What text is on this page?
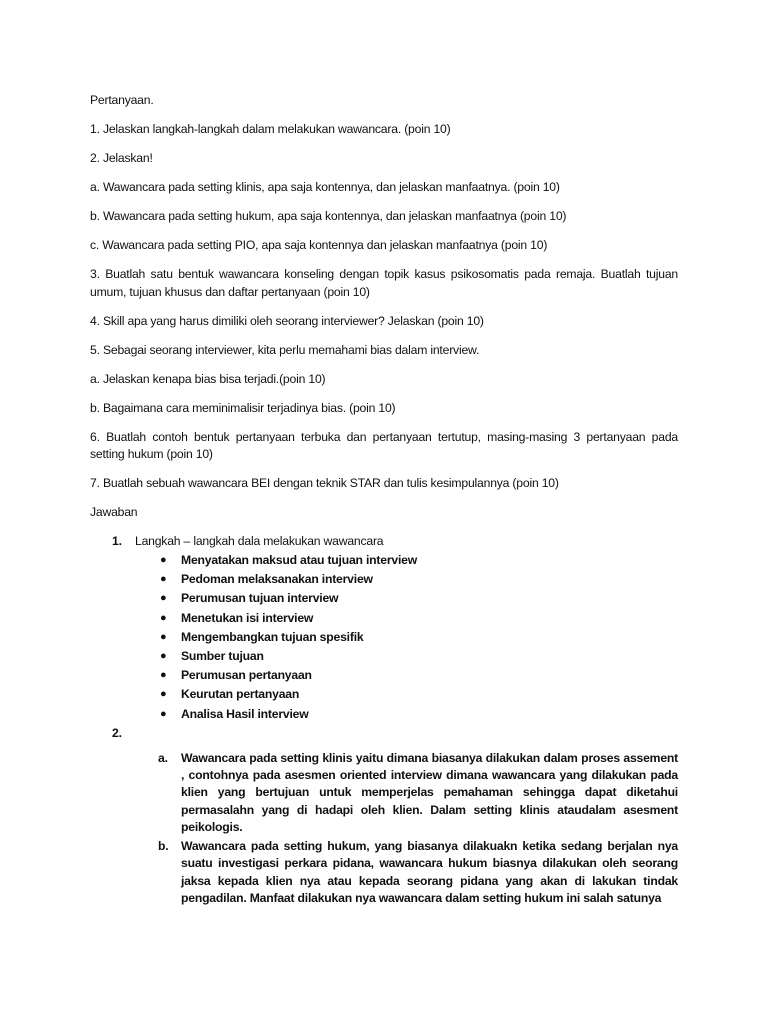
Pertanyaan.

1. Jelaskan langkah-langkah dalam melakukan wawancara. (poin 10)

2. Jelaskan!

a. Wawancara pada setting klinis, apa saja kontennya, dan jelaskan manfaatnya. (poin 10)

b. Wawancara pada setting hukum, apa saja kontennya, dan jelaskan manfaatnya (poin 10)

c. Wawancara pada setting PIO, apa saja kontennya dan jelaskan manfaatnya (poin 10)

3. Buatlah satu bentuk wawancara konseling dengan topik kasus psikosomatis pada remaja. Buatlah tujuan umum, tujuan khusus dan daftar pertanyaan (poin 10)

4. Skill apa yang harus dimiliki oleh seorang interviewer? Jelaskan (poin 10)

5. Sebagai seorang interviewer, kita perlu memahami bias dalam interview.

a. Jelaskan kenapa bias bisa terjadi.(poin 10)

b. Bagaimana cara meminimalisir terjadinya bias. (poin 10)

6. Buatlah contoh bentuk pertanyaan terbuka dan pertanyaan tertutup, masing-masing 3 pertanyaan pada setting hukum (poin 10)

7. Buatlah sebuah wawancara BEI dengan teknik STAR dan tulis kesimpulannya (poin 10)

Jawaban

1. Langkah – langkah dala melakukan wawancara
● Menyatakan maksud atau tujuan interview
● Pedoman melaksanakan interview
● Perumusan tujuan interview
● Menetukan isi interview
● Mengembangkan tujuan spesifik
● Sumber tujuan
● Perumusan pertanyaan
● Keurutan pertanyaan
● Analisa Hasil interview
2.
a. Wawancara pada setting klinis yaitu dimana biasanya dilakukan dalam proses assement , contohnya pada asesmen oriented interview dimana wawancara yang dilakukan pada klien yang bertujuan untuk memperjelas pemahaman sehingga dapat diketahui permasalahn yang di hadapi oleh klien. Dalam setting klinis ataudalam asesment peikologis.

b. Wawancara pada setting hukum, yang biasanya dilakuakn ketika sedang berjalan nya suatu investigasi perkara pidana, wawancara hukum biasnya dilakukan oleh seorang jaksa kepada klien nya atau kepada seorang pidana yang akan di lakukan tindak pengadilan. Manfaat dilakukan nya wawancara dalam setting hukum ini salah satunya
